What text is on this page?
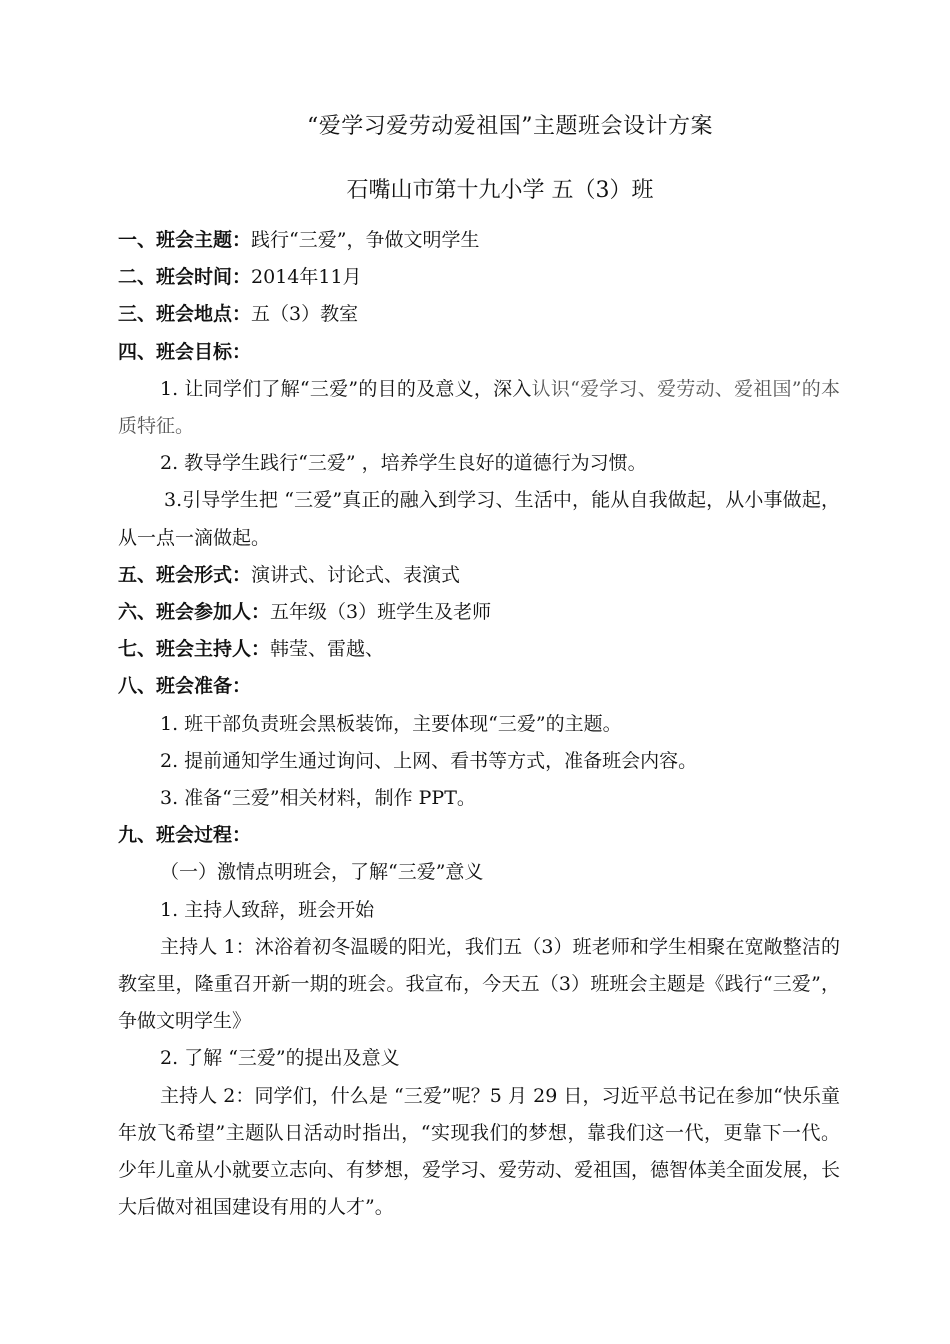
“爱学习爱劳动爱祖国”主题班会设计方案
石嘴山市第十九小学 五（3）班

一、班会主题：践行“三爱”，争做文明学生

二、班会时间：2014年11月

三、班会地点：五（3）教室

四、班会目标：

1. 让同学们了解“三爱”的目的及意义，深入认识“爱学习、爱劳动、爱祖国”的本质特征。

2. 教导学生践行“三爱” ，培养学生良好的道德行为习惯。

3.引导学生把 “三爱”真正的融入到学习、生活中，能从自我做起，从小事做起，从一点一滴做起。

五、班会形式：演讲式、讨论式、表演式

六、班会参加人：五年级（3）班学生及老师

七、班会主持人：韩莹、雷越、

八、班会准备：

1. 班干部负责班会黑板装饰，主要体现“三爱”的主题。

2. 提前通知学生通过询问、上网、看书等方式，准备班会内容。

3. 准备“三爱”相关材料，制作 PPT。

九、班会过程：

（一）激情点明班会，了解“三爱”意义

1. 主持人致辞，班会开始

主持人 1：沐浴着初冬温暖的阳光，我们五（3）班老师和学生相聚在宽敞整洁的教室里，隆重召开新一期的班会。我宣布，今天五（3）班班会主题是《践行“三爱”，争做文明学生》

2. 了解 “三爱”的提出及意义

主持人 2：同学们，什么是 “三爱”呢？5 月 29 日，习近平总书记在参加“快乐童年放飞希望”主题队日活动时指出，“实现我们的梦想，靠我们这一代，更靠下一代。少年儿童从小就要立志向、有梦想，爱学习、爱劳动、爱祖国，德智体美全面发展，长大后做对祖国建设有用的人才”。
